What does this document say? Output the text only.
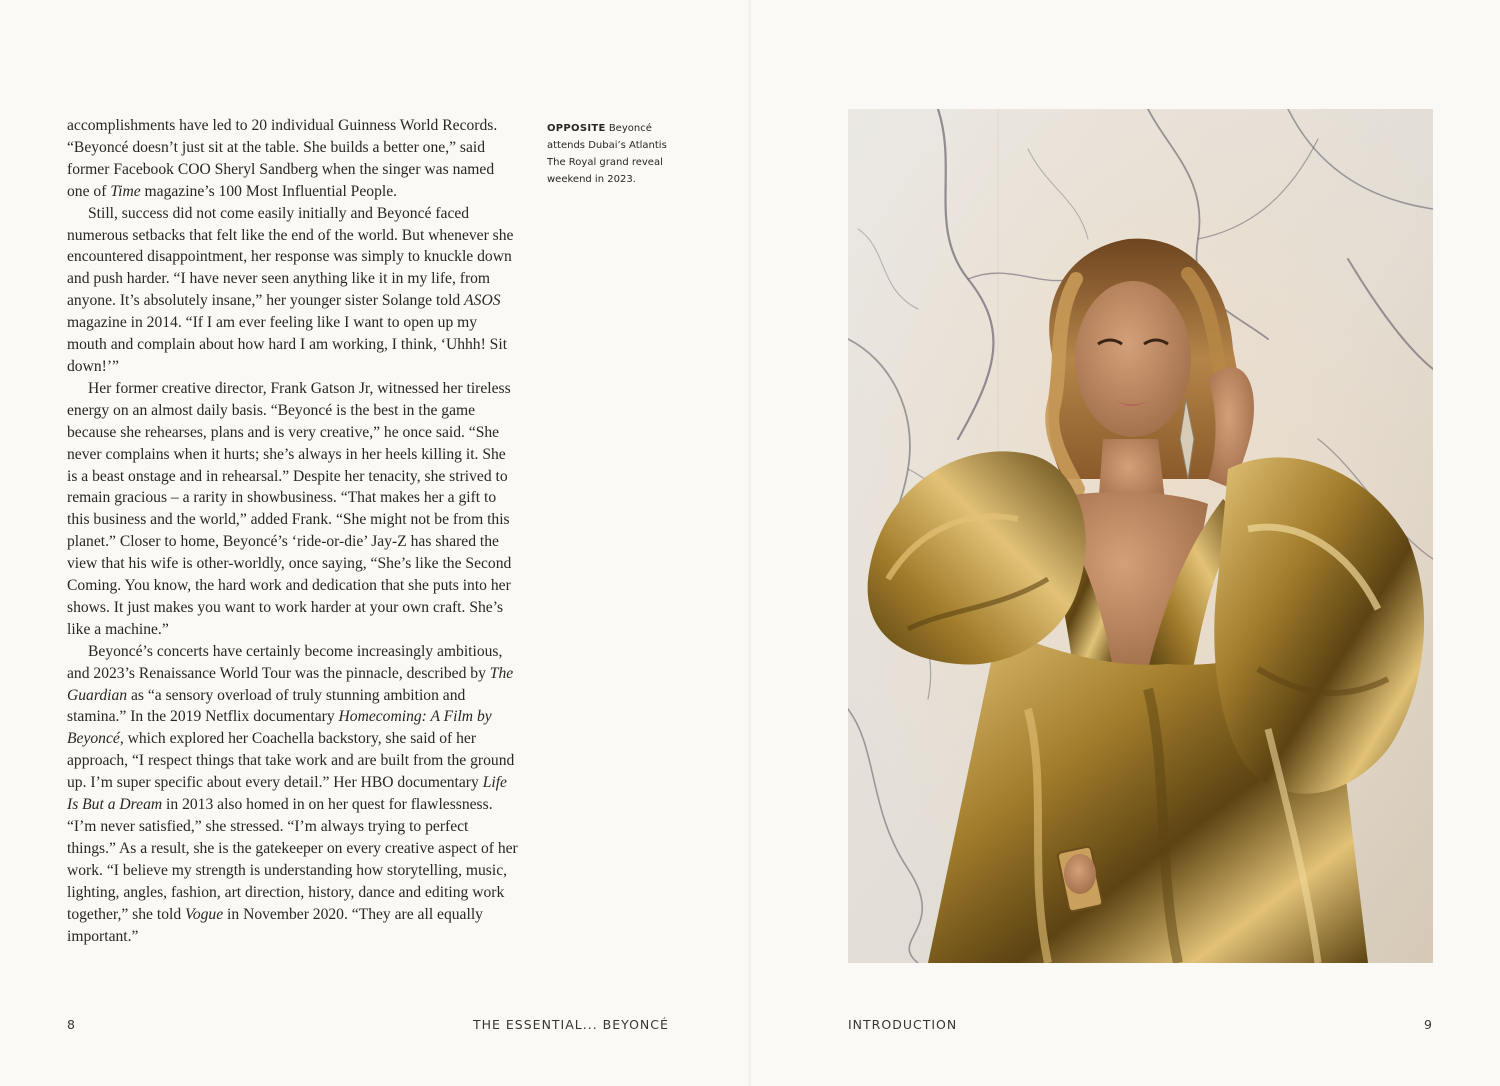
accomplishments have led to 20 individual Guinness World Records. “Beyoncé doesn’t just sit at the table. She builds a better one,” said former Facebook COO Sheryl Sandberg when the singer was named one of Time magazine’s 100 Most Influential People.

Still, success did not come easily initially and Beyoncé faced numerous setbacks that felt like the end of the world. But whenever she encountered disappointment, her response was simply to knuckle down and push harder. “I have never seen anything like it in my life, from anyone. It’s absolutely insane,” her younger sister Solange told ASOS magazine in 2014. “If I am ever feeling like I want to open up my mouth and complain about how hard I am working, I think, ‘Uhhh! Sit down!’”

Her former creative director, Frank Gatson Jr, witnessed her tireless energy on an almost daily basis. “Beyoncé is the best in the game because she rehearses, plans and is very creative,” he once said. “She never complains when it hurts; she’s always in her heels killing it. She is a beast onstage and in rehearsal.” Despite her tenacity, she strived to remain gracious – a rarity in showbusiness. “That makes her a gift to this business and the world,” added Frank. “She might not be from this planet.” Closer to home, Beyoncé’s ‘ride-or-die’ Jay-Z has shared the view that his wife is other-worldly, once saying, “She’s like the Second Coming. You know, the hard work and dedication that she puts into her shows. It just makes you want to work harder at your own craft. She’s like a machine.”

Beyoncé’s concerts have certainly become increasingly ambitious, and 2023’s Renaissance World Tour was the pinnacle, described by The Guardian as “a sensory overload of truly stunning ambition and stamina.” In the 2019 Netflix documentary Homecoming: A Film by Beyoncé, which explored her Coachella backstory, she said of her approach, “I respect things that take work and are built from the ground up. I’m super specific about every detail.” Her HBO documentary Life Is But a Dream in 2013 also homed in on her quest for flawlessness. “I’m never satisfied,” she stressed. “I’m always trying to perfect things.” As a result, she is the gatekeeper on every creative aspect of her work. “I believe my strength is understanding how storytelling, music, lighting, angles, fashion, art direction, history, dance and editing work together,” she told Vogue in November 2020. “They are all equally important.”

OPPOSITE Beyoncé attends Dubai’s Atlantis The Royal grand reveal weekend in 2023.
8	THE ESSENTIAL... BEYONCÉ	INTRODUCTION	9
